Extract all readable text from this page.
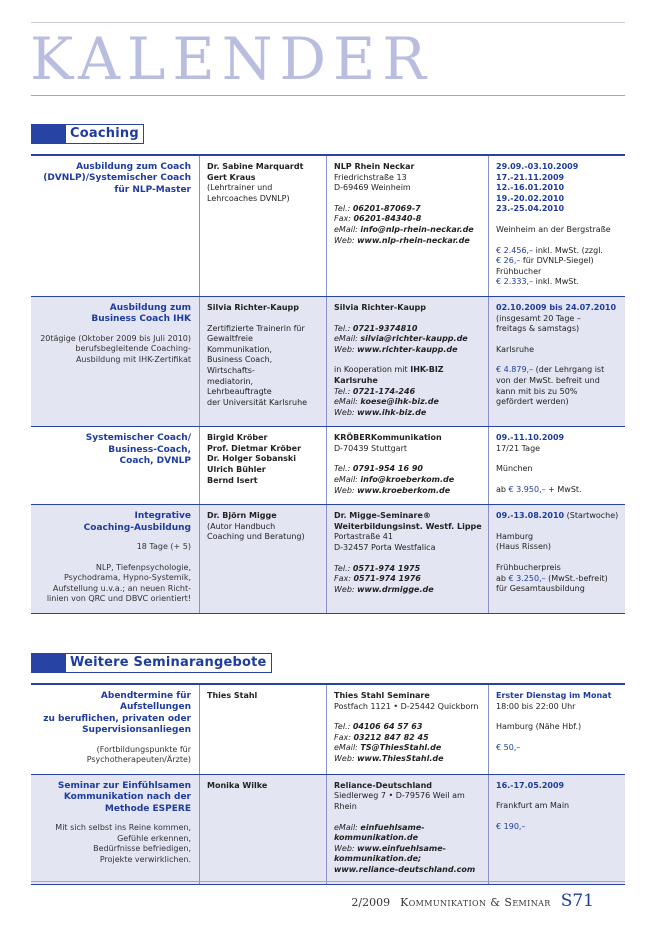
KALENDER
Coaching
Ausbildung zum Coach
(DVNLP)/Systemischer Coach
für NLP-Master
Dr. Sabine Marquardt
Gert Kraus
(Lehrtrainer und
Lehrcoaches DVNLP)
NLP Rhein Neckar
Friedrichstraße 13
D-69469 Weinheim
Tel.: 06201-87069-7
Fax: 06201-84340-8
eMail: info@nlp-rhein-neckar.de
Web: www.nlp-rhein-neckar.de
29.09.-03.10.2009
17.-21.11.2009
12.-16.01.2010
19.-20.02.2010
23.-25.04.2010
Weinheim an der Bergstraße
€ 2.456,– inkl. MwSt. (zzgl.
€ 26,– für DVNLP-Siegel)
Frühbucher
€ 2.333,– inkl. MwSt.
Ausbildung zum
Business Coach IHK
20tägige (Oktober 2009 bis Juli 2010)
berufsbegleitende Coaching-
Ausbildung mit IHK-Zertifikat
Silvia Richter-Kaupp
Zertifizierte Trainerin für
Gewaltfreie Kommunikation,
Business Coach, Wirtschafts-
mediatorin, Lehrbeauftragte
der Universität Karlsruhe
Silvia Richter-Kaupp
Tel.: 0721-9374810
eMail: silvia@richter-kaupp.de
Web: www.richter-kaupp.de
in Kooperation mit IHK-BIZ Karlsruhe
Tel.: 0721-174-246
eMail: koese@ihk-biz.de
Web: www.ihk-biz.de
02.10.2009 bis 24.07.2010
(insgesamt 20 Tage –
freitags & samstags)
Karlsruhe
€ 4.879,– (der Lehrgang ist
von der MwSt. befreit und
kann mit bis zu 50%
gefördert werden)
Systemischer Coach/
Business-Coach,
Coach, DVNLP
Birgid Kröber
Prof. Dietmar Kröber
Dr. Holger Sobanski
Ulrich Bühler
Bernd Isert
KRÖBERKommunikation
D-70439 Stuttgart
Tel.: 0791-954 16 90
eMail: info@kroeberkom.de
Web: www.kroeberkom.de
09.-11.10.2009
17/21 Tage
München
ab € 3.950,– + MwSt.
Integrative
Coaching-Ausbildung
18 Tage (+ 5)
NLP, Tiefenpsychologie,
Psychodrama, Hypno-Systemik,
Aufstellung u.v.a.; an neuen Richt-
linien von QRC und DBVC orientiert!
Dr. Björn Migge
(Autor Handbuch
Coaching und Beratung)
Dr. Migge-Seminare®
Weiterbildungsinst. Westf. Lippe
Portastraße 41
D-32457 Porta Westfalica
Tel.: 0571-974 1975
Fax: 0571-974 1976
Web: www.drmigge.de
09.-13.08.2010 (Startwoche)
Hamburg
(Haus Rissen)
Frühbucherpreis
ab € 3.250,– (MwSt.-befreit)
für Gesamtausbildung
Weitere Seminarangebote
Abendtermine für Aufstellungen
zu beruflichen, privaten oder
Supervisionsanliegen
(Fortbildungspunkte für
Psychotherapeuten/Ärzte)
Thies Stahl	Thies Stahl Seminare
Postfach 1121 • D-25442 Quickborn
Tel.: 04106 64 57 63
Fax: 03212 847 82 45
eMail: TS@ThiesStahl.de
Web: www.ThiesStahl.de
Erster Dienstag im Monat
18:00 bis 22:00 Uhr
Hamburg (Nähe Hbf.)
€ 50,–
Seminar zur Einfühlsamen
Kommunikation nach der
Methode ESPERE
Mit sich selbst ins Reine kommen,
Gefühle erkennen,
Bedürfnisse befriedigen,
Projekte verwirklichen.
Monika Wilke	Reliance-Deutschland
Siedlerweg 7 • D-79576 Weil am Rhein
eMail: einfuehlsame-
kommunikation.de
Web: www.einfuehlsame-
kommunikation.de;
www.reliance-deutschland.com
16.-17.05.2009
Frankfurt am Main
€ 190,–
2/2009 Kommunikation & Seminar S71
